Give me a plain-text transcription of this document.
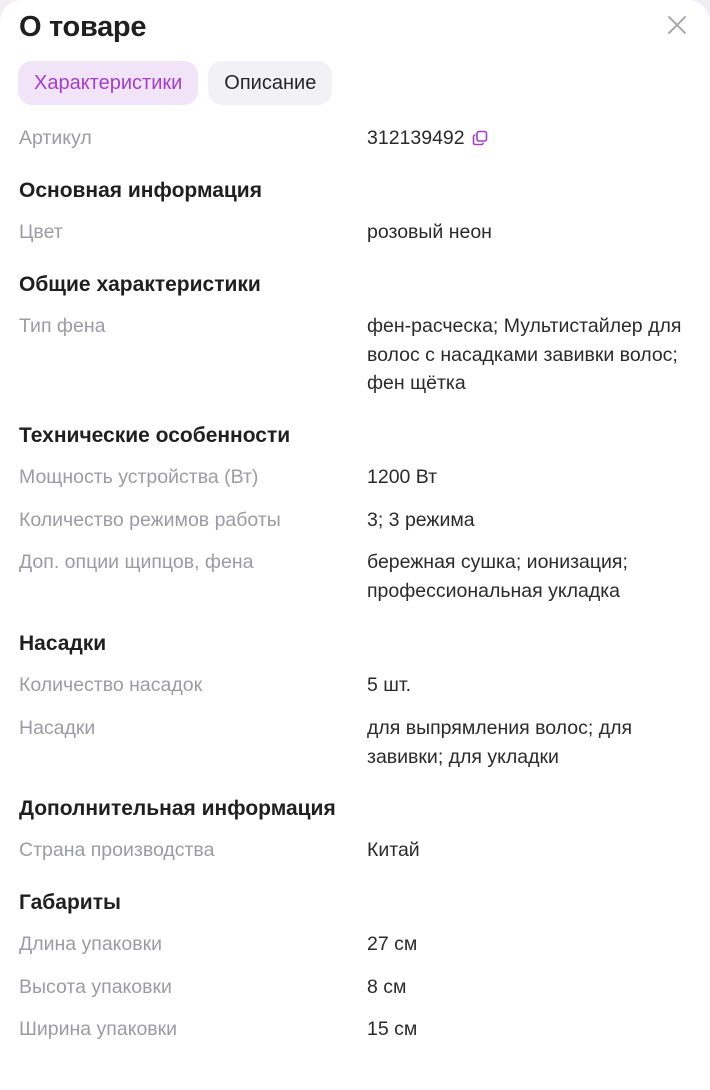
О товаре
Характеристики	Описание
Артикул	312139492
Основная информация
Цвет	розовый неон
Общие характеристики
Тип фена	фен-расческа; Мультистайлер для волос с насадками завивки волос; фен щётка
Технические особенности
Мощность устройства (Вт)	1200 Вт
Количество режимов работы	3; 3 режима
Доп. опции щипцов, фена	бережная сушка; ионизация; профессиональная укладка
Насадки
Количество насадок	5 шт.
Насадки	для выпрямления волос; для завивки; для укладки
Дополнительная информация
Страна производства	Китай
Габариты
Длина упаковки	27 см
Высота упаковки	8 см
Ширина упаковки	15 см
